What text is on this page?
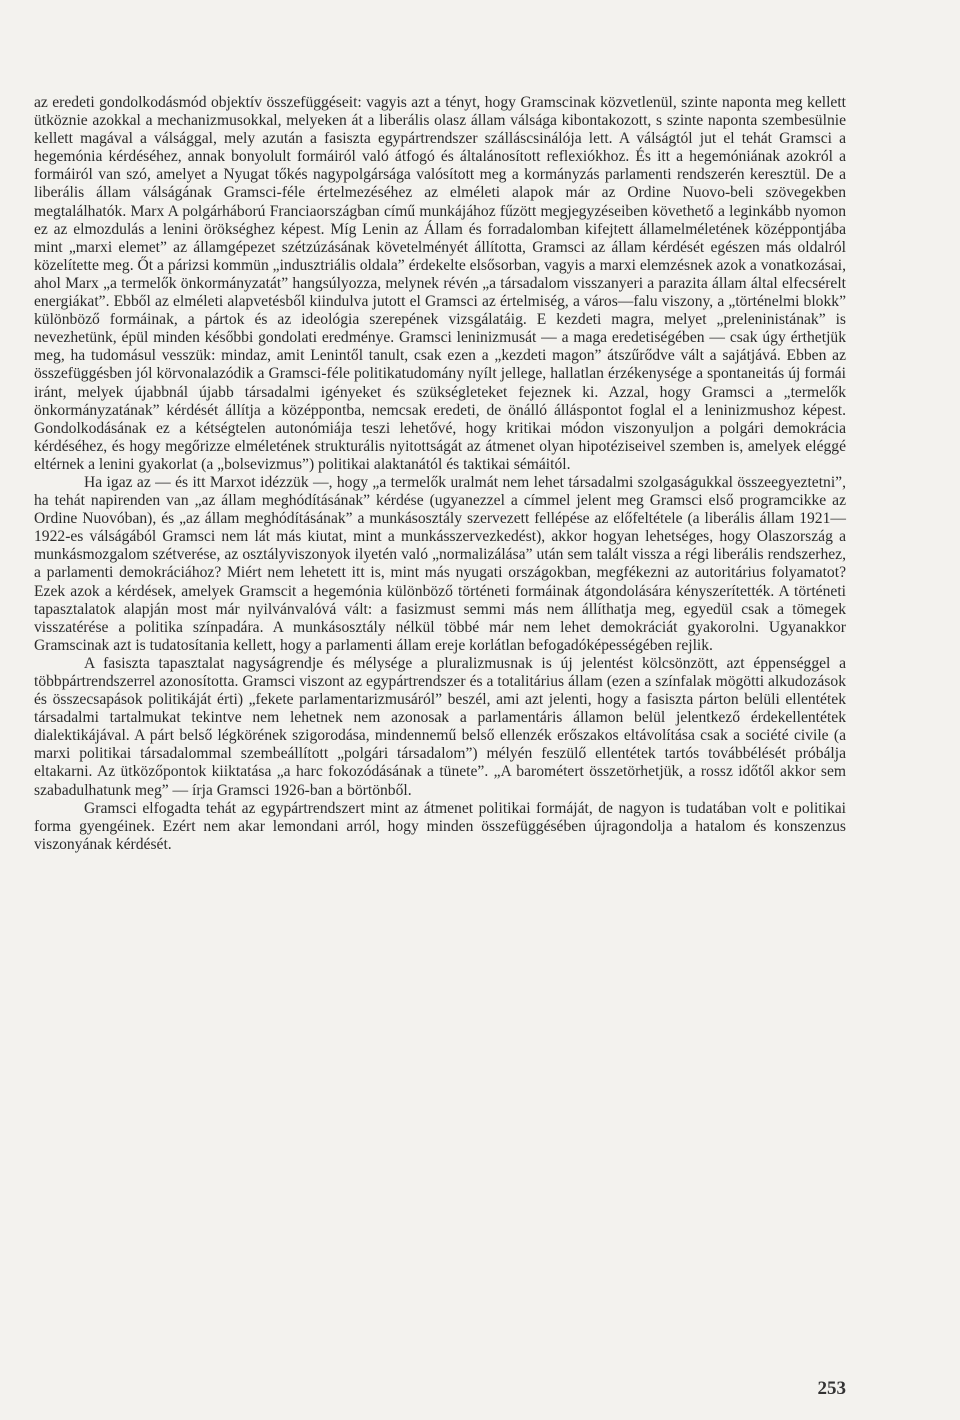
az eredeti gondolkodásmód objektív összefüggéseit: vagyis azt a tényt, hogy Gramscinak közvetlenül, szinte naponta meg kellett ütköznie azokkal a mechanizmusokkal, melyeken át a liberális olasz állam válsága kibontakozott, s szinte naponta szembesülnie kellett magával a válsággal, mely azután a fasiszta egypártrendszer szálláscsinálója lett. A válságtól jut el tehát Gramsci a hegemónia kérdéséhez, annak bonyolult formáiról való átfogó és általánosított reflexiókhoz. És itt a hegemóniának azokról a formáiról van szó, amelyet a Nyugat tőkés nagypolgársága valósított meg a kormányzás parlamenti rendszerén keresztül. De a liberális állam válságának Gramsci-féle értelmezéséhez az elméleti alapok már az Ordine Nuovo-beli szövegekben megtalálhatók. Marx A polgárháború Franciaországban című munkájához fűzött megjegyzéseiben követhető a leginkább nyomon ez az elmozdulás a lenini örökséghez képest. Míg Lenin az Állam és forradalomban kifejtett államelméletének középpontjába mint „marxi elemet” az államgépezet szétzúzásának követelményét állította, Gramsci az állam kérdését egészen más oldalról közelítette meg. Őt a párizsi kommün „indusztriális oldala” érdekelte elsősorban, vagyis a marxi elemzésnek azok a vonatkozásai, ahol Marx „a termelők önkormányzatát” hangsúlyozza, melynek révén „a társadalom visszanyeri a parazita állam által elfecsérelt energiákat”. Ebből az elméleti alapvetésből kiindulva jutott el Gramsci az értelmiség, a város—falu viszony, a „történelmi blokk” különböző formáinak, a pártok és az ideológia szerepének vizsgálatáig. E kezdeti magra, melyet „preleninistának” is nevezhetünk, épül minden későbbi gondolati eredménye. Gramsci leninizmusát — a maga eredetiségében — csak úgy érthetjük meg, ha tudomásul vesszük: mindaz, amit Lenintől tanult, csak ezen a „kezdeti magon” átszűrődve vált a sajátjává. Ebben az összefüggésben jól körvonalazódik a Gramsci-féle politikatudomány nyílt jellege, hallatlan érzékenysége a spontaneitás új formái iránt, melyek újabbnál újabb társadalmi igényeket és szükségleteket fejeznek ki. Azzal, hogy Gramsci a „termelők önkormányzatának” kérdését állítja a középpontba, nemcsak eredeti, de önálló álláspontot foglal el a leninizmushoz képest. Gondolkodásának ez a kétségtelen autonómiája teszi lehetővé, hogy kritikai módon viszonyuljon a polgári demokrácia kérdéséhez, és hogy megőrizze elméletének strukturális nyitottságát az átmenet olyan hipotéziseivel szemben is, amelyek eléggé eltérnek a lenini gyakorlat (a „bolsevizmus”) politikai alaktanától és taktikai sémáitól.

Ha igaz az — és itt Marxot idézzük —, hogy „a termelők uralmát nem lehet társadalmi szolgaságukkal összeegyeztetni”, ha tehát napirenden van „az állam meghódításának” kérdése (ugyanezzel a címmel jelent meg Gramsci első programcikke az Ordine Nuovóban), és „az állam meghódításának” a munkásosztály szervezett fellépése az előfeltétele (a liberális állam 1921—1922-es válságából Gramsci nem lát más kiutat, mint a munkásszervezkedést), akkor hogyan lehetséges, hogy Olaszország a munkásmozgalom szétverése, az osztályviszonyok ilyetén való „normalizálása” után sem talált vissza a régi liberális rendszerhez, a parlamenti demokráciához? Miért nem lehetett itt is, mint más nyugati országokban, megfékezni az autoritárius folyamatot? Ezek azok a kérdések, amelyek Gramscit a hegemónia különböző történeti formáinak átgondolására kényszerítették. A történeti tapasztalatok alapján most már nyilvánvalóvá vált: a fasizmust semmi más nem állíthatja meg, egyedül csak a tömegek visszatérése a politika színpadára. A munkásosztály nélkül többé már nem lehet demokráciát gyakorolni. Ugyanakkor Gramscinak azt is tudatosítania kellett, hogy a parlamenti állam ereje korlátlan befogadóképességében rejlik.

A fasiszta tapasztalat nagyságrendje és mélysége a pluralizmusnak is új jelentést kölcsönzött, azt éppenséggel a többpártrendszerrel azonosította. Gramsci viszont az egypártrendszer és a totalitárius állam (ezen a színfalak mögötti alkudozások és összecsapások politikáját érti) „fekete parlamentarizmusáról” beszél, ami azt jelenti, hogy a fasiszta párton belüli ellentétek társadalmi tartalmukat tekintve nem lehetnek nem azonosak a parlamentáris államon belül jelentkező érdekellentétek dialektikájával. A párt belső légkörének szigorodása, mindennemű belső ellenzék erőszakos eltávolítása csak a société civile (a marxi politikai társadalommal szembeállított „polgári társadalom”) mélyén feszülő ellentétek tartós továbbélését próbálja eltakarni. Az ütközőpontok kiiktatása „a harc fokozódásának a tünete”. „A barométert összetörhetjük, a rossz időtől akkor sem szabadulhatunk meg” — írja Gramsci 1926-ban a börtönből.

Gramsci elfogadta tehát az egypártrendszert mint az átmenet politikai formáját, de nagyon is tudatában volt e politikai forma gyengéinek. Ezért nem akar lemondani arról, hogy minden összefüggésében újragondolja a hatalom és konszenzus viszonyának kérdését.

253
